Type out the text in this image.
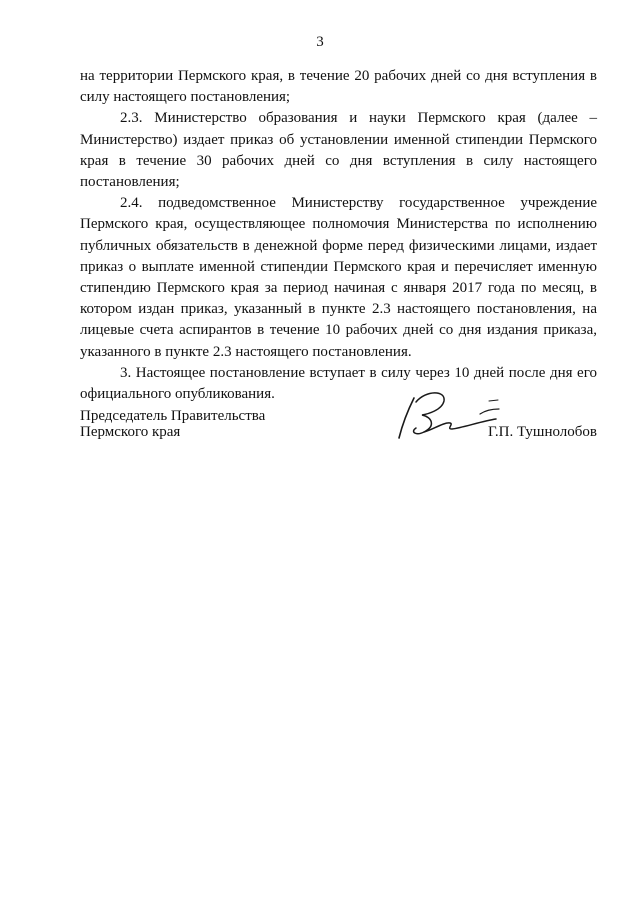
3

на территории Пермского края, в течение 20 рабочих дней со дня вступления в силу настоящего постановления;

2.3. Министерство образования и науки Пермского края (далее – Министерство) издает приказ об установлении именной стипендии Пермского края в течение 30 рабочих дней со дня вступления в силу настоящего постановления;

2.4. подведомственное Министерству государственное учреждение Пермского края, осуществляющее полномочия Министерства по исполнению публичных обязательств в денежной форме перед физическими лицами, издает приказ о выплате именной стипендии Пермского края и перечисляет именную стипендию Пермского края за период начиная с января 2017 года по месяц, в котором издан приказ, указанный в пункте 2.3 настоящего постановления, на лицевые счета аспирантов в течение 10 рабочих дней со дня издания приказа, указанного в пункте 2.3 настоящего постановления.

3. Настоящее постановление вступает в силу через 10 дней после дня его официального опубликования.

Председатель Правительства
Пермского края	Г.П. Тушнолобов
